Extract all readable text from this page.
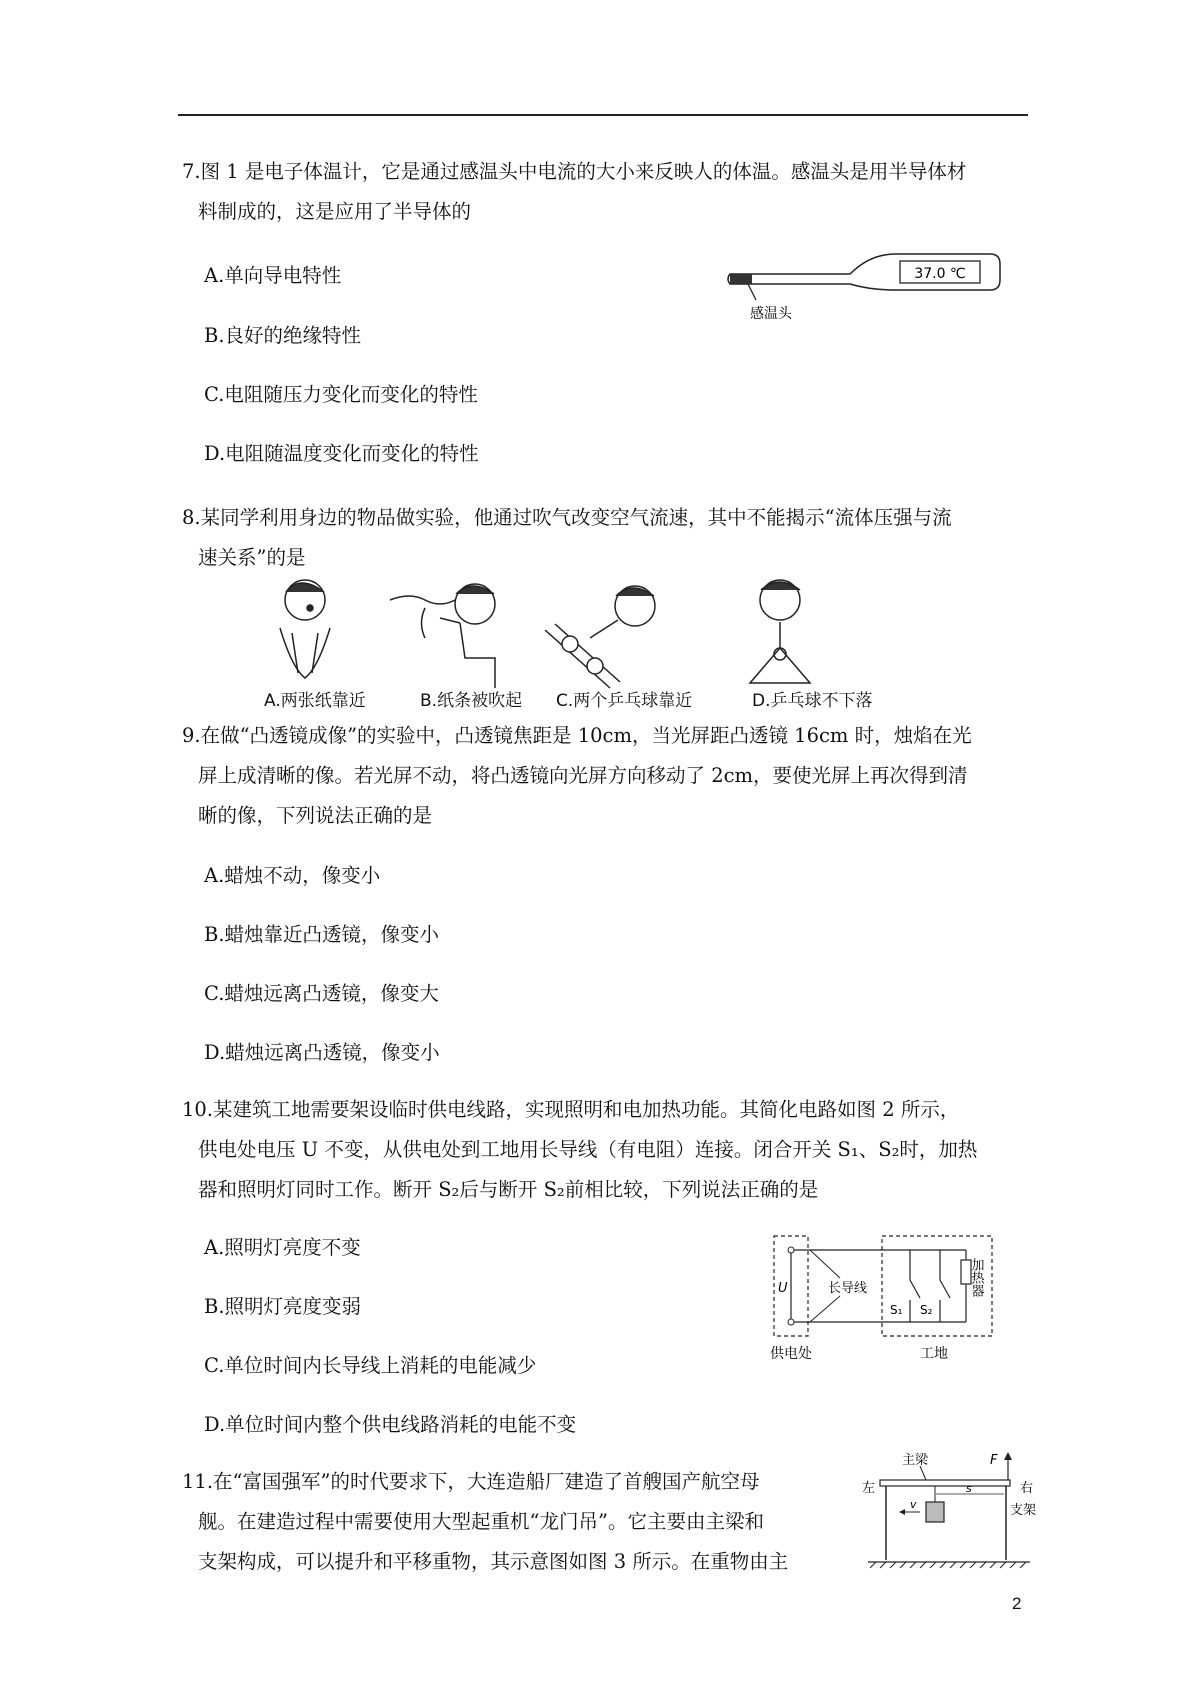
7.图 1 是电子体温计，它是通过感温头中电流的大小来反映人的体温。感温头是用半导体材
料制成的，这是应用了半导体的
A.单向导电特性
B.良好的绝缘特性
C.电阻随压力变化而变化的特性
D.电阻随温度变化而变化的特性
37.0 ℃
感温头
8.某同学利用身边的物品做实验，他通过吹气改变空气流速，其中不能揭示“流体压强与流
速关系”的是
A.两张纸靠近	B.纸条被吹起 C.两个乒乓球靠近	D.乒乓球不下落
9.在做“凸透镜成像”的实验中，凸透镜焦距是 10cm，当光屏距凸透镜 16cm 时，烛焰在光
屏上成清晰的像。若光屏不动，将凸透镜向光屏方向移动了 2cm，要使光屏上再次得到清
晰的像，下列说法正确的是
A.蜡烛不动，像变小
B.蜡烛靠近凸透镜，像变小
C.蜡烛远离凸透镜，像变大
D.蜡烛远离凸透镜，像变小
10.某建筑工地需要架设临时供电线路，实现照明和电加热功能。其简化电路如图 2 所示，
供电处电压 U 不变，从供电处到工地用长导线（有电阻）连接。闭合开关 S₁、S₂时，加热
器和照明灯同时工作。断开 S₂后与断开 S₂前相比较，下列说法正确的是
A.照明灯亮度不变
B.照明灯亮度变弱
C.单位时间内长导线上消耗的电能减少
D.单位时间内整个供电线路消耗的电能不变
U	长导线
S₁ S₂
加热器
供电处	工地
11.在“富国强军”的时代要求下，大连造船厂建造了首艘国产航空母
舰。在建造过程中需要使用大型起重机“龙门吊”。它主要由主梁和
支架构成，可以提升和平移重物，其示意图如图 3 所示。在重物由主
主梁	F
左	右
s
v	支架
2
